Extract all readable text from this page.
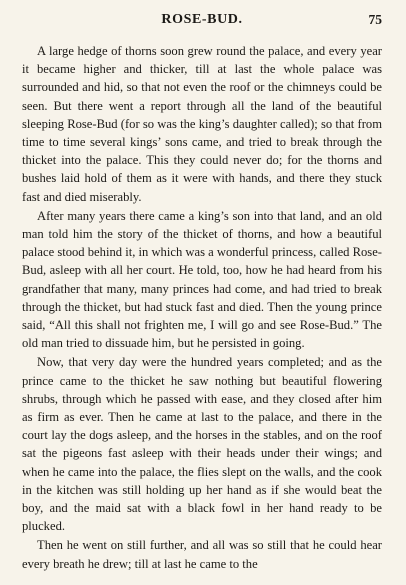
ROSE-BUD.	75

A large hedge of thorns soon grew round the palace, and every year it became higher and thicker, till at last the whole palace was surrounded and hid, so that not even the roof or the chimneys could be seen. But there went a report through all the land of the beautiful sleeping Rose-Bud (for so was the king’s daughter called); so that from time to time several kings’ sons came, and tried to break through the thicket into the palace. This they could never do; for the thorns and bushes laid hold of them as it were with hands, and there they stuck fast and died miserably.

After many years there came a king’s son into that land, and an old man told him the story of the thicket of thorns, and how a beautiful palace stood behind it, in which was a wonderful princess, called Rose-Bud, asleep with all her court. He told, too, how he had heard from his grandfather that many, many princes had come, and had tried to break through the thicket, but had stuck fast and died. Then the young prince said, “All this shall not frighten me, I will go and see Rose-Bud.” The old man tried to dissuade him, but he persisted in going.

Now, that very day were the hundred years completed; and as the prince came to the thicket he saw nothing but beautiful flowering shrubs, through which he passed with ease, and they closed after him as firm as ever. Then he came at last to the palace, and there in the court lay the dogs asleep, and the horses in the stables, and on the roof sat the pigeons fast asleep with their heads under their wings; and when he came into the palace, the flies slept on the walls, and the cook in the kitchen was still holding up her hand as if she would beat the boy, and the maid sat with a black fowl in her hand ready to be plucked.

Then he went on still further, and all was so still that he could hear every breath he drew; till at last he came to the
